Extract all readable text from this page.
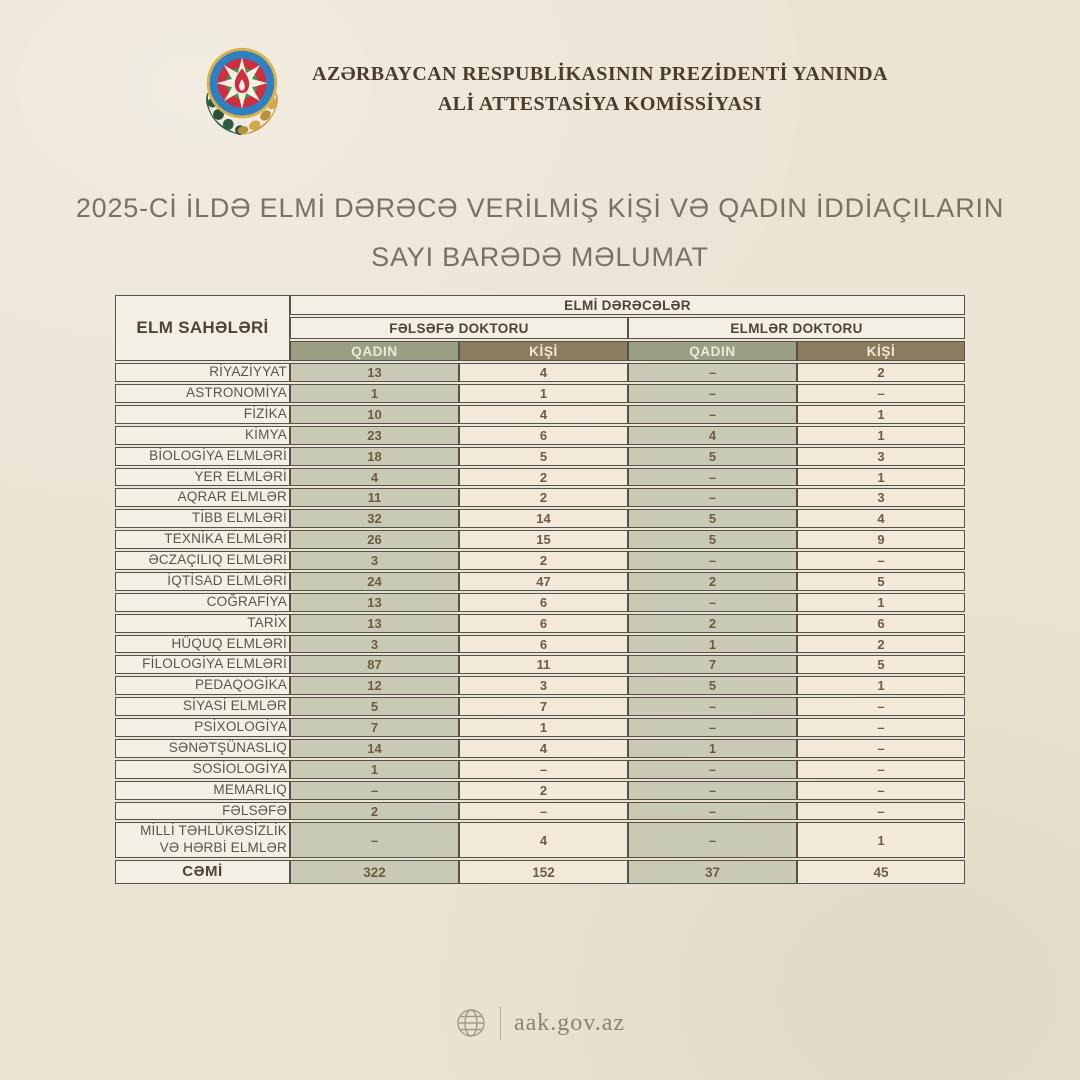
AZƏRBAYCAN RESPUBLİKASININ PREZİDENTİ YANINDA
ALİ ATTESTASİYA KOMİSSİYASI
2025-Cİ İLDƏ ELMİ DƏRƏCƏ VERİLMİŞ KİŞİ VƏ QADIN İDDİAÇILARIN
SAYI BARƏDƏ MƏLUMAT
ELM SAHƏLƏRİ	ELMİ DƏRƏCƏLƏR			
	FƏLSƏFƏ DOKTORU		ELMLƏR DOKTORU	
	QADIN	KİŞİ	QADIN	KİŞİ
RİYAZİYYAT	13	4	–	2
ASTRONOMİYA	1	1	–	–
FİZİKA	10	4	–	1
KİMYA	23	6	4	1
BİOLOGİYA ELMLƏRİ	18	5	5	3
YER ELMLƏRİ	4	2	–	1
AQRAR ELMLƏR	11	2	–	3
TİBB ELMLƏRİ	32	14	5	4
TEXNİKA ELMLƏRİ	26	15	5	9
ƏCZAÇILIQ ELMLƏRİ	3	2	–	–
İQTİSAD ELMLƏRİ	24	47	2	5
COĞRAFİYA	13	6	–	1
TARİX	13	6	2	6
HÜQUQ ELMLƏRİ	3	6	1	2
FİLOLOGİYA ELMLƏRİ	87	11	7	5
PEDAQOGİKA	12	3	5	1
SİYASİ ELMLƏR	5	7	–	–
PSİXOLOGİYA	7	1	–	–
SƏNƏTŞÜNASLIQ	14	4	1	–
SOSİOLOGİYA	1	–	–	–
MEMARLIQ	–	2	–	–
FƏLSƏFƏ	2	–	–	–
MİLLİ TƏHLÜKƏSİZLİK VƏ HƏRBİ ELMLƏR	–	4	–	1
CƏMİ	322	152	37	45
aak.gov.az
